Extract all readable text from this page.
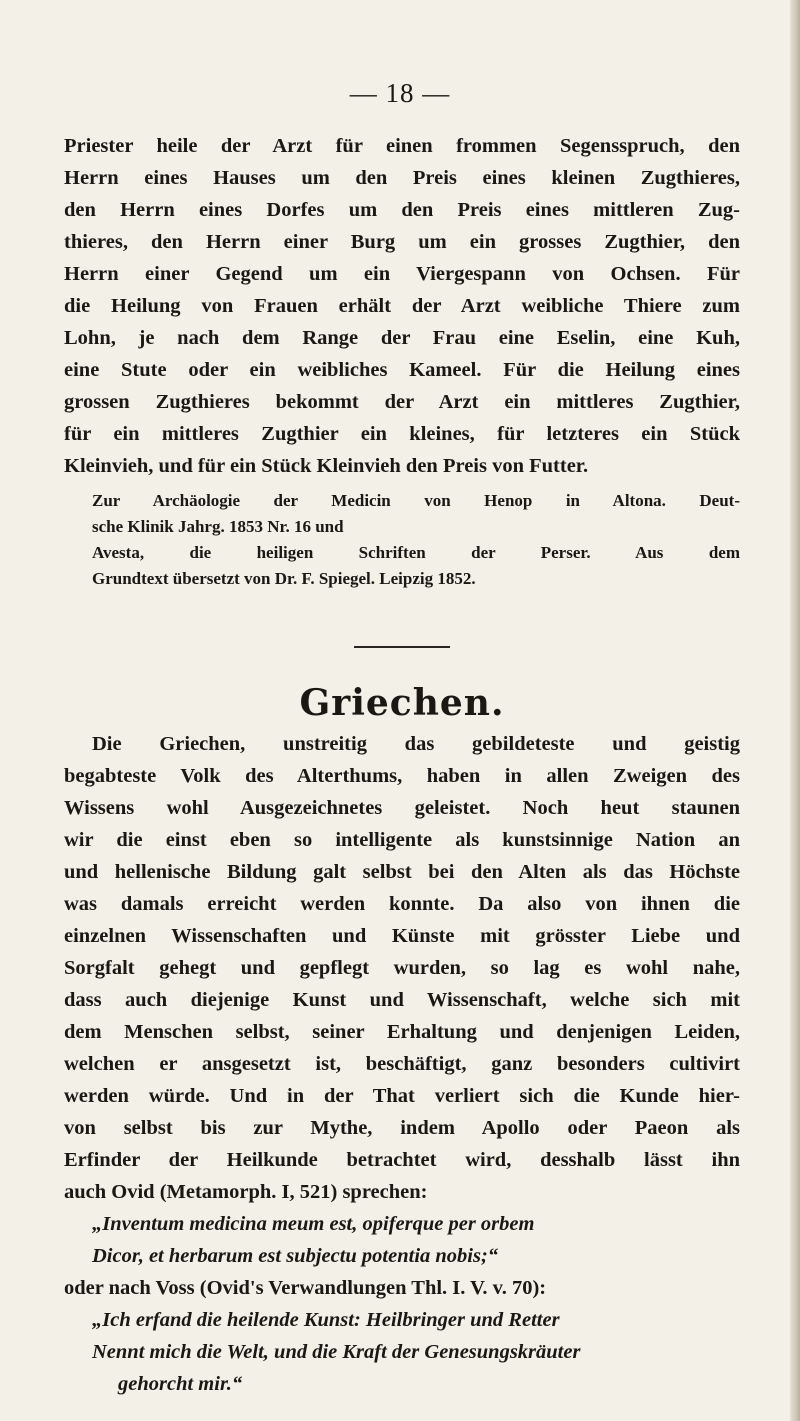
— 18 —
Priester heile der Arzt für einen frommen Segensspruch, den
Herrn eines Hauses um den Preis eines kleinen Zugthieres,
den Herrn eines Dorfes um den Preis eines mittleren Zug-
thieres, den Herrn einer Burg um ein grosses Zugthier, den
Herrn einer Gegend um ein Viergespann von Ochsen. Für
die Heilung von Frauen erhält der Arzt weibliche Thiere zum
Lohn, je nach dem Range der Frau eine Eselin, eine Kuh,
eine Stute oder ein weibliches Kameel. Für die Heilung eines
grossen Zugthieres bekommt der Arzt ein mittleres Zugthier,
für ein mittleres Zugthier ein kleines, für letzteres ein Stück
Kleinvieh, und für ein Stück Kleinvieh den Preis von Futter.
Zur Archäologie der Medicin von Henop in Altona. Deut-
sche Klinik Jahrg. 1853 Nr. 16 und
Avesta, die heiligen Schriften der Perser. Aus dem
Grundtext übersetzt von Dr. F. Spiegel. Leipzig 1852.
Griechen.
Die Griechen, unstreitig das gebildeteste und geistig
begabteste Volk des Alterthums, haben in allen Zweigen des
Wissens wohl Ausgezeichnetes geleistet. Noch heut staunen
wir die einst eben so intelligente als kunstsinnige Nation an
und hellenische Bildung galt selbst bei den Alten als das Höchste
was damals erreicht werden konnte. Da also von ihnen die
einzelnen Wissenschaften und Künste mit grösster Liebe und
Sorgfalt gehegt und gepflegt wurden, so lag es wohl nahe,
dass auch diejenige Kunst und Wissenschaft, welche sich mit
dem Menschen selbst, seiner Erhaltung und denjenigen Leiden,
welchen er ansgesetzt ist, beschäftigt, ganz besonders cultivirt
werden würde. Und in der That verliert sich die Kunde hier-
von selbst bis zur Mythe, indem Apollo oder Paeon als
Erfinder der Heilkunde betrachtet wird, desshalb lässt ihn
auch Ovid (Metamorph. I, 521) sprechen:
„Inventum medicina meum est, opiferque per orbem
Dicor, et herbarum est subjectu potentia nobis;“
oder nach Voss (Ovid's Verwandlungen Thl. I. V. v. 70):
„Ich erfand die heilende Kunst: Heilbringer und Retter
Nennt mich die Welt, und die Kraft der Genesungskräuter
gehorcht mir.“
